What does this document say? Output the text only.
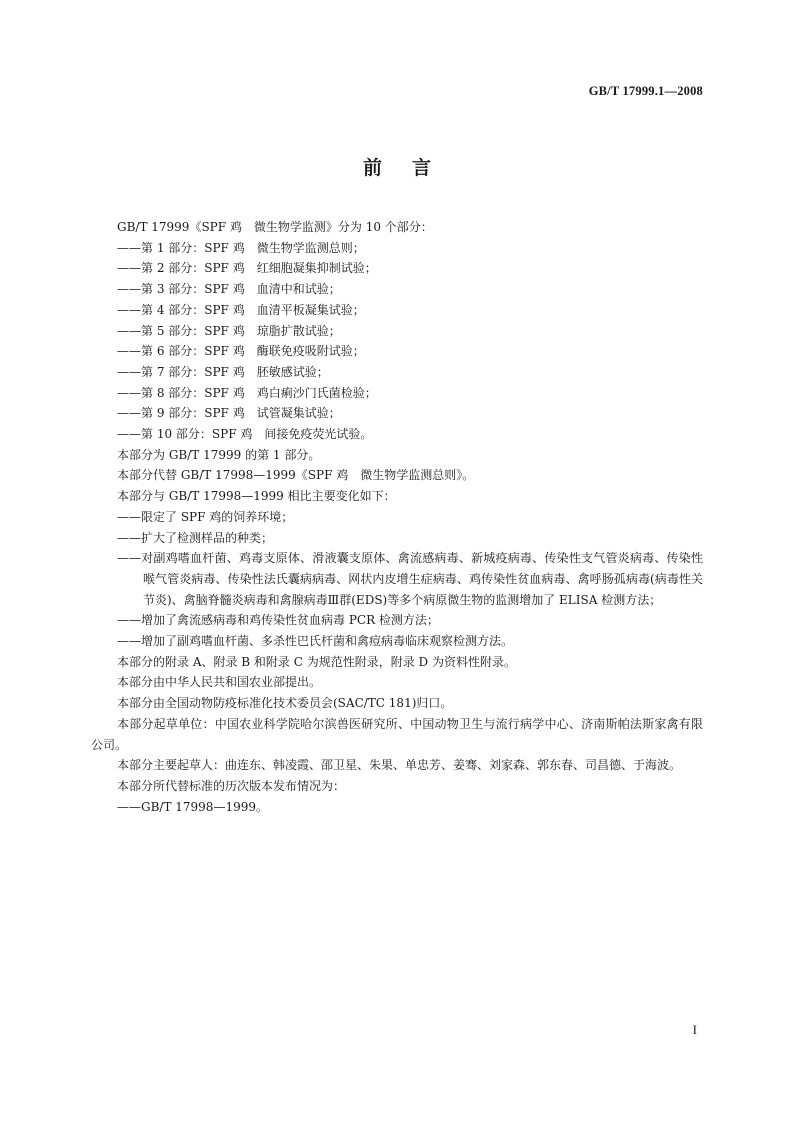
GB/T 17999.1—2008
前言
GB/T 17999《SPF 鸡　微生物学监测》分为 10 个部分：
——第 1 部分：SPF 鸡　微生物学监测总则；
——第 2 部分：SPF 鸡　红细胞凝集抑制试验；
——第 3 部分：SPF 鸡　血清中和试验；
——第 4 部分：SPF 鸡　血清平板凝集试验；
——第 5 部分：SPF 鸡　琼脂扩散试验；
——第 6 部分：SPF 鸡　酶联免疫吸附试验；
——第 7 部分：SPF 鸡　胚敏感试验；
——第 8 部分：SPF 鸡　鸡白痢沙门氏菌检验；
——第 9 部分：SPF 鸡　试管凝集试验；
——第 10 部分：SPF 鸡　间接免疫荧光试验。
本部分为 GB/T 17999 的第 1 部分。
本部分代替 GB/T 17998—1999《SPF 鸡　微生物学监测总则》。
本部分与 GB/T 17998—1999 相比主要变化如下：
——限定了 SPF 鸡的饲养环境；
——扩大了检测样品的种类；
——对副鸡嗜血杆菌、鸡毒支原体、滑液囊支原体、禽流感病毒、新城疫病毒、传染性支气管炎病毒、传染性喉气管炎病毒、传染性法氏囊病病毒、网状内皮增生症病毒、鸡传染性贫血病毒、禽呼肠孤病毒(病毒性关节炎)、禽脑脊髓炎病毒和禽腺病毒Ⅲ群(EDS)等多个病原微生物的监测增加了 ELISA 检测方法；
——增加了禽流感病毒和鸡传染性贫血病毒 PCR 检测方法；
——增加了副鸡嗜血杆菌、多杀性巴氏杆菌和禽痘病毒临床观察检测方法。
本部分的附录 A、附录 B 和附录 C 为规范性附录，附录 D 为资料性附录。
本部分由中华人民共和国农业部提出。
本部分由全国动物防疫标准化技术委员会(SAC/TC 181)归口。
本部分起草单位：中国农业科学院哈尔滨兽医研究所、中国动物卫生与流行病学中心、济南斯帕法斯家禽有限公司。
本部分主要起草人：曲连东、韩凌霞、邵卫星、朱果、单忠芳、姜骞、刘家森、郭东春、司昌德、于海波。
本部分所代替标准的历次版本发布情况为：
——GB/T 17998—1999。
I
